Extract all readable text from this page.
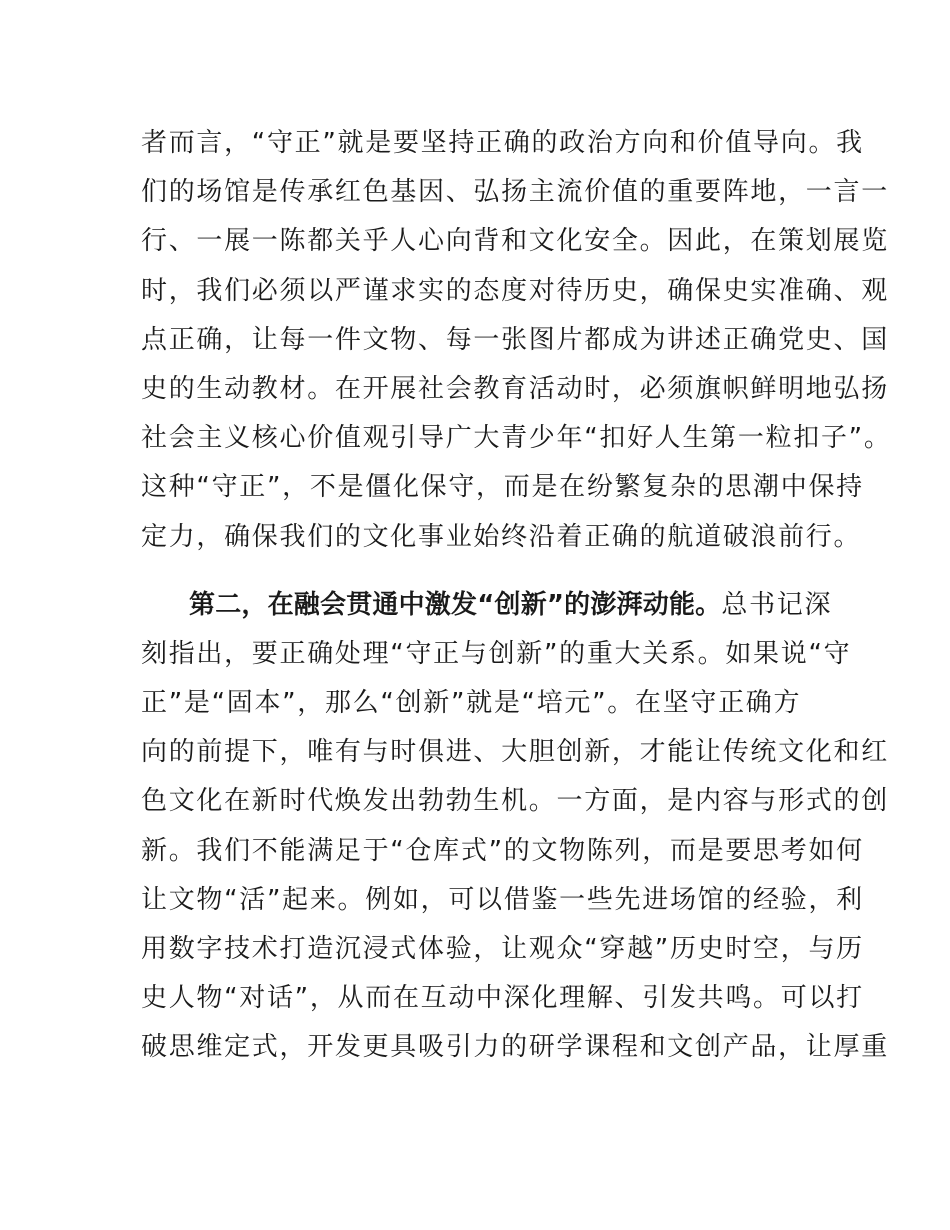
者而言，“守正”就是要坚持正确的政治方向和价值导向。我
们的场馆是传承红色基因、弘扬主流价值的重要阵地，一言一
行、一展一陈都关乎人心向背和文化安全。因此，在策划展览
时，我们必须以严谨求实的态度对待历史，确保史实准确、观
点正确，让每一件文物、每一张图片都成为讲述正确党史、国
史的生动教材。在开展社会教育活动时，必须旗帜鲜明地弘扬
社会主义核心价值观引导广大青少年“扣好人生第一粒扣子”。
这种“守正”，不是僵化保守，而是在纷繁复杂的思潮中保持
定力，确保我们的文化事业始终沿着正确的航道破浪前行。
第二，在融会贯通中激发“创新”的澎湃动能。总书记深
刻指出，要正确处理“守正与创新”的重大关系。如果说“守
正”是“固本”，那么“创新”就是“培元”。在坚守正确方
向的前提下，唯有与时俱进、大胆创新，才能让传统文化和红
色文化在新时代焕发出勃勃生机。一方面，是内容与形式的创
新。我们不能满足于“仓库式”的文物陈列，而是要思考如何
让文物“活”起来。例如，可以借鉴一些先进场馆的经验，利
用数字技术打造沉浸式体验，让观众“穿越”历史时空，与历
史人物“对话”，从而在互动中深化理解、引发共鸣。可以打
破思维定式，开发更具吸引力的研学课程和文创产品，让厚重
